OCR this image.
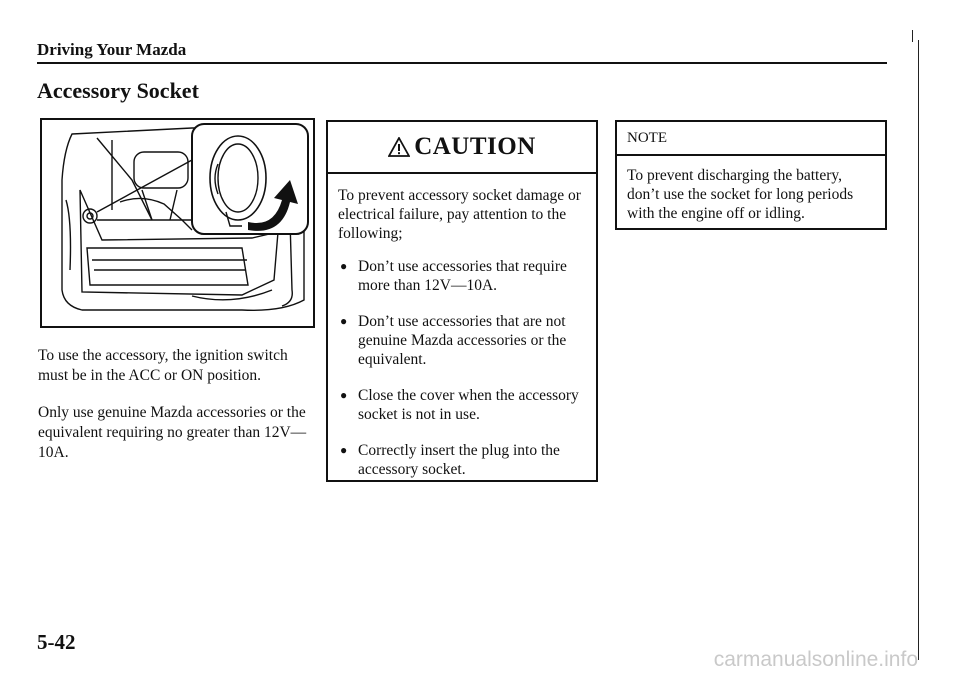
Driving Your Mazda
Accessory Socket
To use the accessory, the ignition switch must be in the ACC or ON position.
Only use genuine Mazda accessories or the equivalent requiring no greater than 12V—10A.
CAUTION

To prevent accessory socket damage or electrical failure, pay attention to the following;

● Don’t use accessories that require more than 12V—10A.
● Don’t use accessories that are not genuine Mazda accessories or the equivalent.
● Close the cover when the accessory socket is not in use.
● Correctly insert the plug into the accessory socket.
NOTE
To prevent discharging the battery, don’t use the socket for long periods with the engine off or idling.
5-42
carmanualsonline.info
